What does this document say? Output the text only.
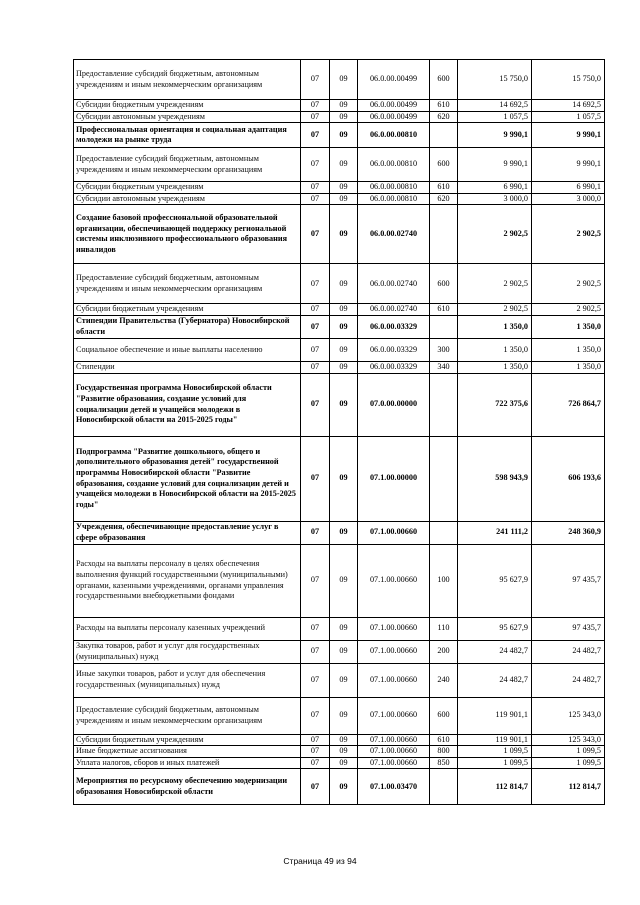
Предоставление субсидий бюджетным, автономным учреждениям и иным некоммерческим организациям	07	09	06.0.00.00499	600	15 750,0	15 750,0
Субсидии бюджетным учреждениям	07	09	06.0.00.00499	610	14 692,5	14 692,5
Субсидии автономным учреждениям	07	09	06.0.00.00499	620	1 057,5	1 057,5
Профессиональная ориентация и социальная адаптация молодежи на рынке труда	07	09	06.0.00.00810		9 990,1	9 990,1
Предоставление субсидий бюджетным, автономным учреждениям и иным некоммерческим организациям	07	09	06.0.00.00810	600	9 990,1	9 990,1
Субсидии бюджетным учреждениям	07	09	06.0.00.00810	610	6 990,1	6 990,1
Субсидии автономным учреждениям	07	09	06.0.00.00810	620	3 000,0	3 000,0
Создание базовой профессиональной образовательной организации, обеспечивающей поддержку региональной системы инклюзивного профессионального образования инвалидов	07	09	06.0.00.02740		2 902,5	2 902,5
Предоставление субсидий бюджетным, автономным учреждениям и иным некоммерческим организациям	07	09	06.0.00.02740	600	2 902,5	2 902,5
Субсидии бюджетным учреждениям	07	09	06.0.00.02740	610	2 902,5	2 902,5
Стипендии Правительства (Губернатора) Новосибирской области	07	09	06.0.00.03329		1 350,0	1 350,0
Социальное обеспечение и иные выплаты населению	07	09	06.0.00.03329	300	1 350,0	1 350,0
Стипендии	07	09	06.0.00.03329	340	1 350,0	1 350,0
Государственная программа Новосибирской области "Развитие образования, создание условий для социализации детей и учащейся молодежи в Новосибирской области на 2015-2025 годы"	07	09	07.0.00.00000		722 375,6	726 864,7
Подпрограмма "Развитие дошкольного, общего и дополнительного образования детей" государственной программы Новосибирской области "Развитие образования, создание условий для социализации детей и учащейся молодежи в Новосибирской области на 2015-2025 годы"	07	09	07.1.00.00000		598 943,9	606 193,6
Учреждения, обеспечивающие предоставление услуг в сфере образования	07	09	07.1.00.00660		241 111,2	248 360,9
Расходы на выплаты персоналу в целях обеспечения выполнения функций государственными (муниципальными) органами, казенными учреждениями, органами управления государственными внебюджетными фондами	07	09	07.1.00.00660	100	95 627,9	97 435,7
Расходы на выплаты персоналу казенных учреждений	07	09	07.1.00.00660	110	95 627,9	97 435,7
Закупка товаров, работ и услуг для государственных (муниципальных) нужд	07	09	07.1.00.00660	200	24 482,7	24 482,7
Иные закупки товаров, работ и услуг для обеспечения государственных (муниципальных) нужд	07	09	07.1.00.00660	240	24 482,7	24 482,7
Предоставление субсидий бюджетным, автономным учреждениям и иным некоммерческим организациям	07	09	07.1.00.00660	600	119 901,1	125 343,0
Субсидии бюджетным учреждениям	07	09	07.1.00.00660	610	119 901,1	125 343,0
Иные бюджетные ассигнования	07	09	07.1.00.00660	800	1 099,5	1 099,5
Уплата налогов, сборов и иных платежей	07	09	07.1.00.00660	850	1 099,5	1 099,5
Мероприятия по ресурсному обеспечению модернизации образования Новосибирской области	07	09	07.1.00.03470		112 814,7	112 814,7
Страница 49 из 94
